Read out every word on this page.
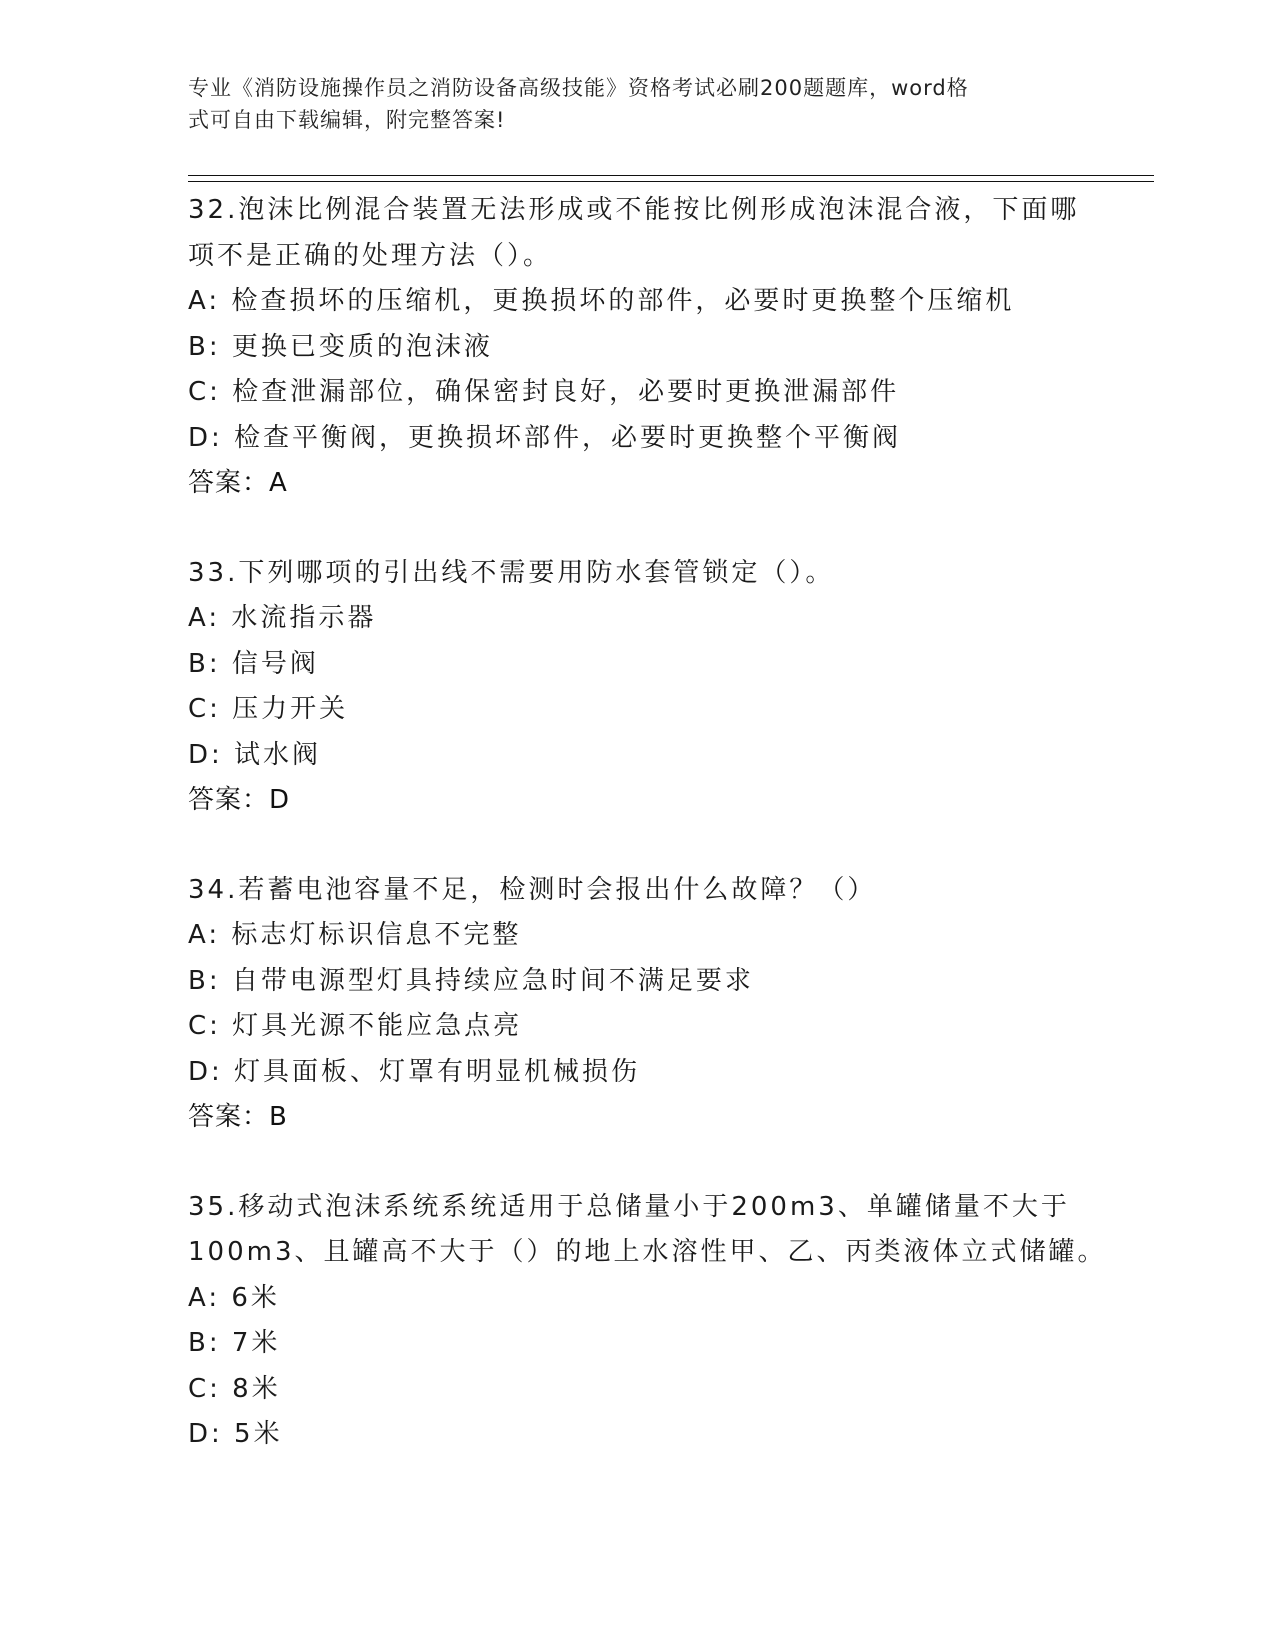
专业《消防设施操作员之消防设备高级技能》资格考试必刷200题题库，word格
式可自由下载编辑，附完整答案!
32.泡沫比例混合装置无法形成或不能按比例形成泡沫混合液，下面哪
项不是正确的处理方法（）。
A: 检查损坏的压缩机，更换损坏的部件，必要时更换整个压缩机
B: 更换已变质的泡沫液
C: 检查泄漏部位，确保密封良好，必要时更换泄漏部件
D: 检查平衡阀，更换损坏部件，必要时更换整个平衡阀
答案：A
33.下列哪项的引出线不需要用防水套管锁定（）。
A: 水流指示器
B: 信号阀
C: 压力开关
D: 试水阀
答案：D
34.若蓄电池容量不足，检测时会报出什么故障？（）
A: 标志灯标识信息不完整
B: 自带电源型灯具持续应急时间不满足要求
C: 灯具光源不能应急点亮
D: 灯具面板、灯罩有明显机械损伤
答案：B
35.移动式泡沫系统系统适用于总储量小于200m3、单罐储量不大于
100m3、且罐高不大于（）的地上水溶性甲、乙、丙类液体立式储罐。
A: 6米
B: 7米
C: 8米
D: 5米
